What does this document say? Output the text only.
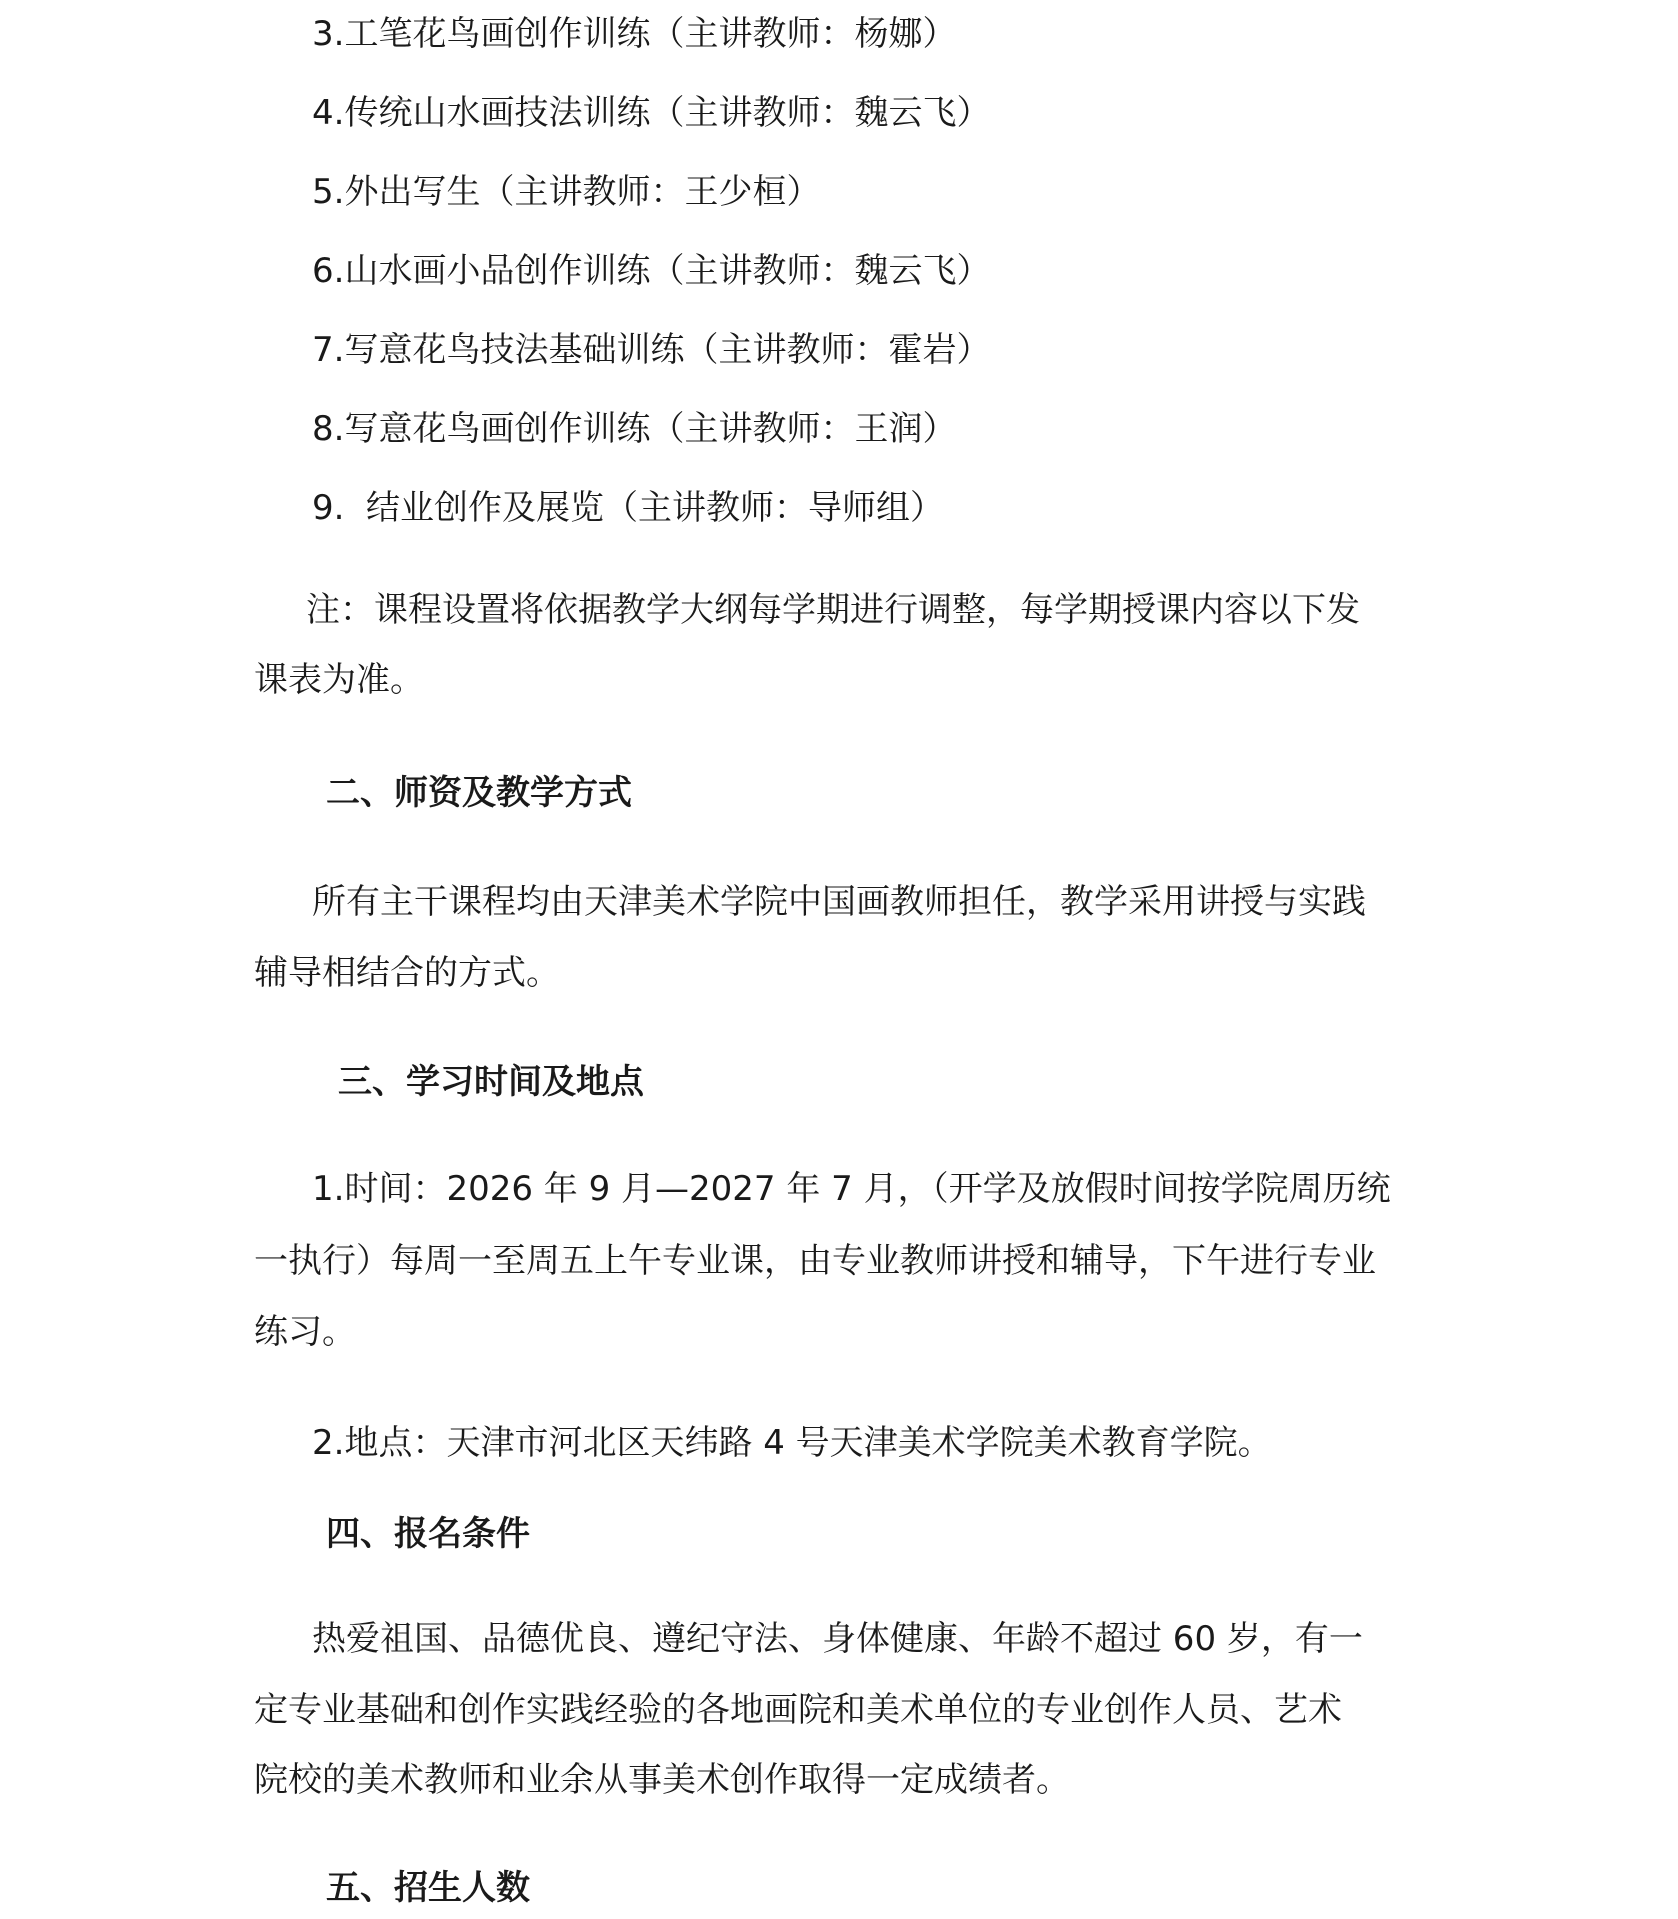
3.工笔花鸟画创作训练（主讲教师：杨娜）

4.传统山水画技法训练（主讲教师：魏云飞）

5.外出写生（主讲教师：王少桓）

6.山水画小品创作训练（主讲教师：魏云飞）

7.写意花鸟技法基础训练（主讲教师：霍岩）

8.写意花鸟画创作训练（主讲教师：王润）

9.  结业创作及展览（主讲教师：导师组）

注：课程设置将依据教学大纲每学期进行调整，每学期授课内容以下发

课表为准。

二、师资及教学方式

所有主干课程均由天津美术学院中国画教师担任，教学采用讲授与实践

辅导相结合的方式。

三、学习时间及地点

1.时间：2026 年 9 月—2027 年 7 月，（开学及放假时间按学院周历统

一执行）每周一至周五上午专业课，由专业教师讲授和辅导，下午进行专业

练习。

2.地点：天津市河北区天纬路 4 号天津美术学院美术教育学院。

四、报名条件

热爱祖国、品德优良、遵纪守法、身体健康、年龄不超过 60 岁，有一

定专业基础和创作实践经验的各地画院和美术单位的专业创作人员、艺术

院校的美术教师和业余从事美术创作取得一定成绩者。

五、招生人数
